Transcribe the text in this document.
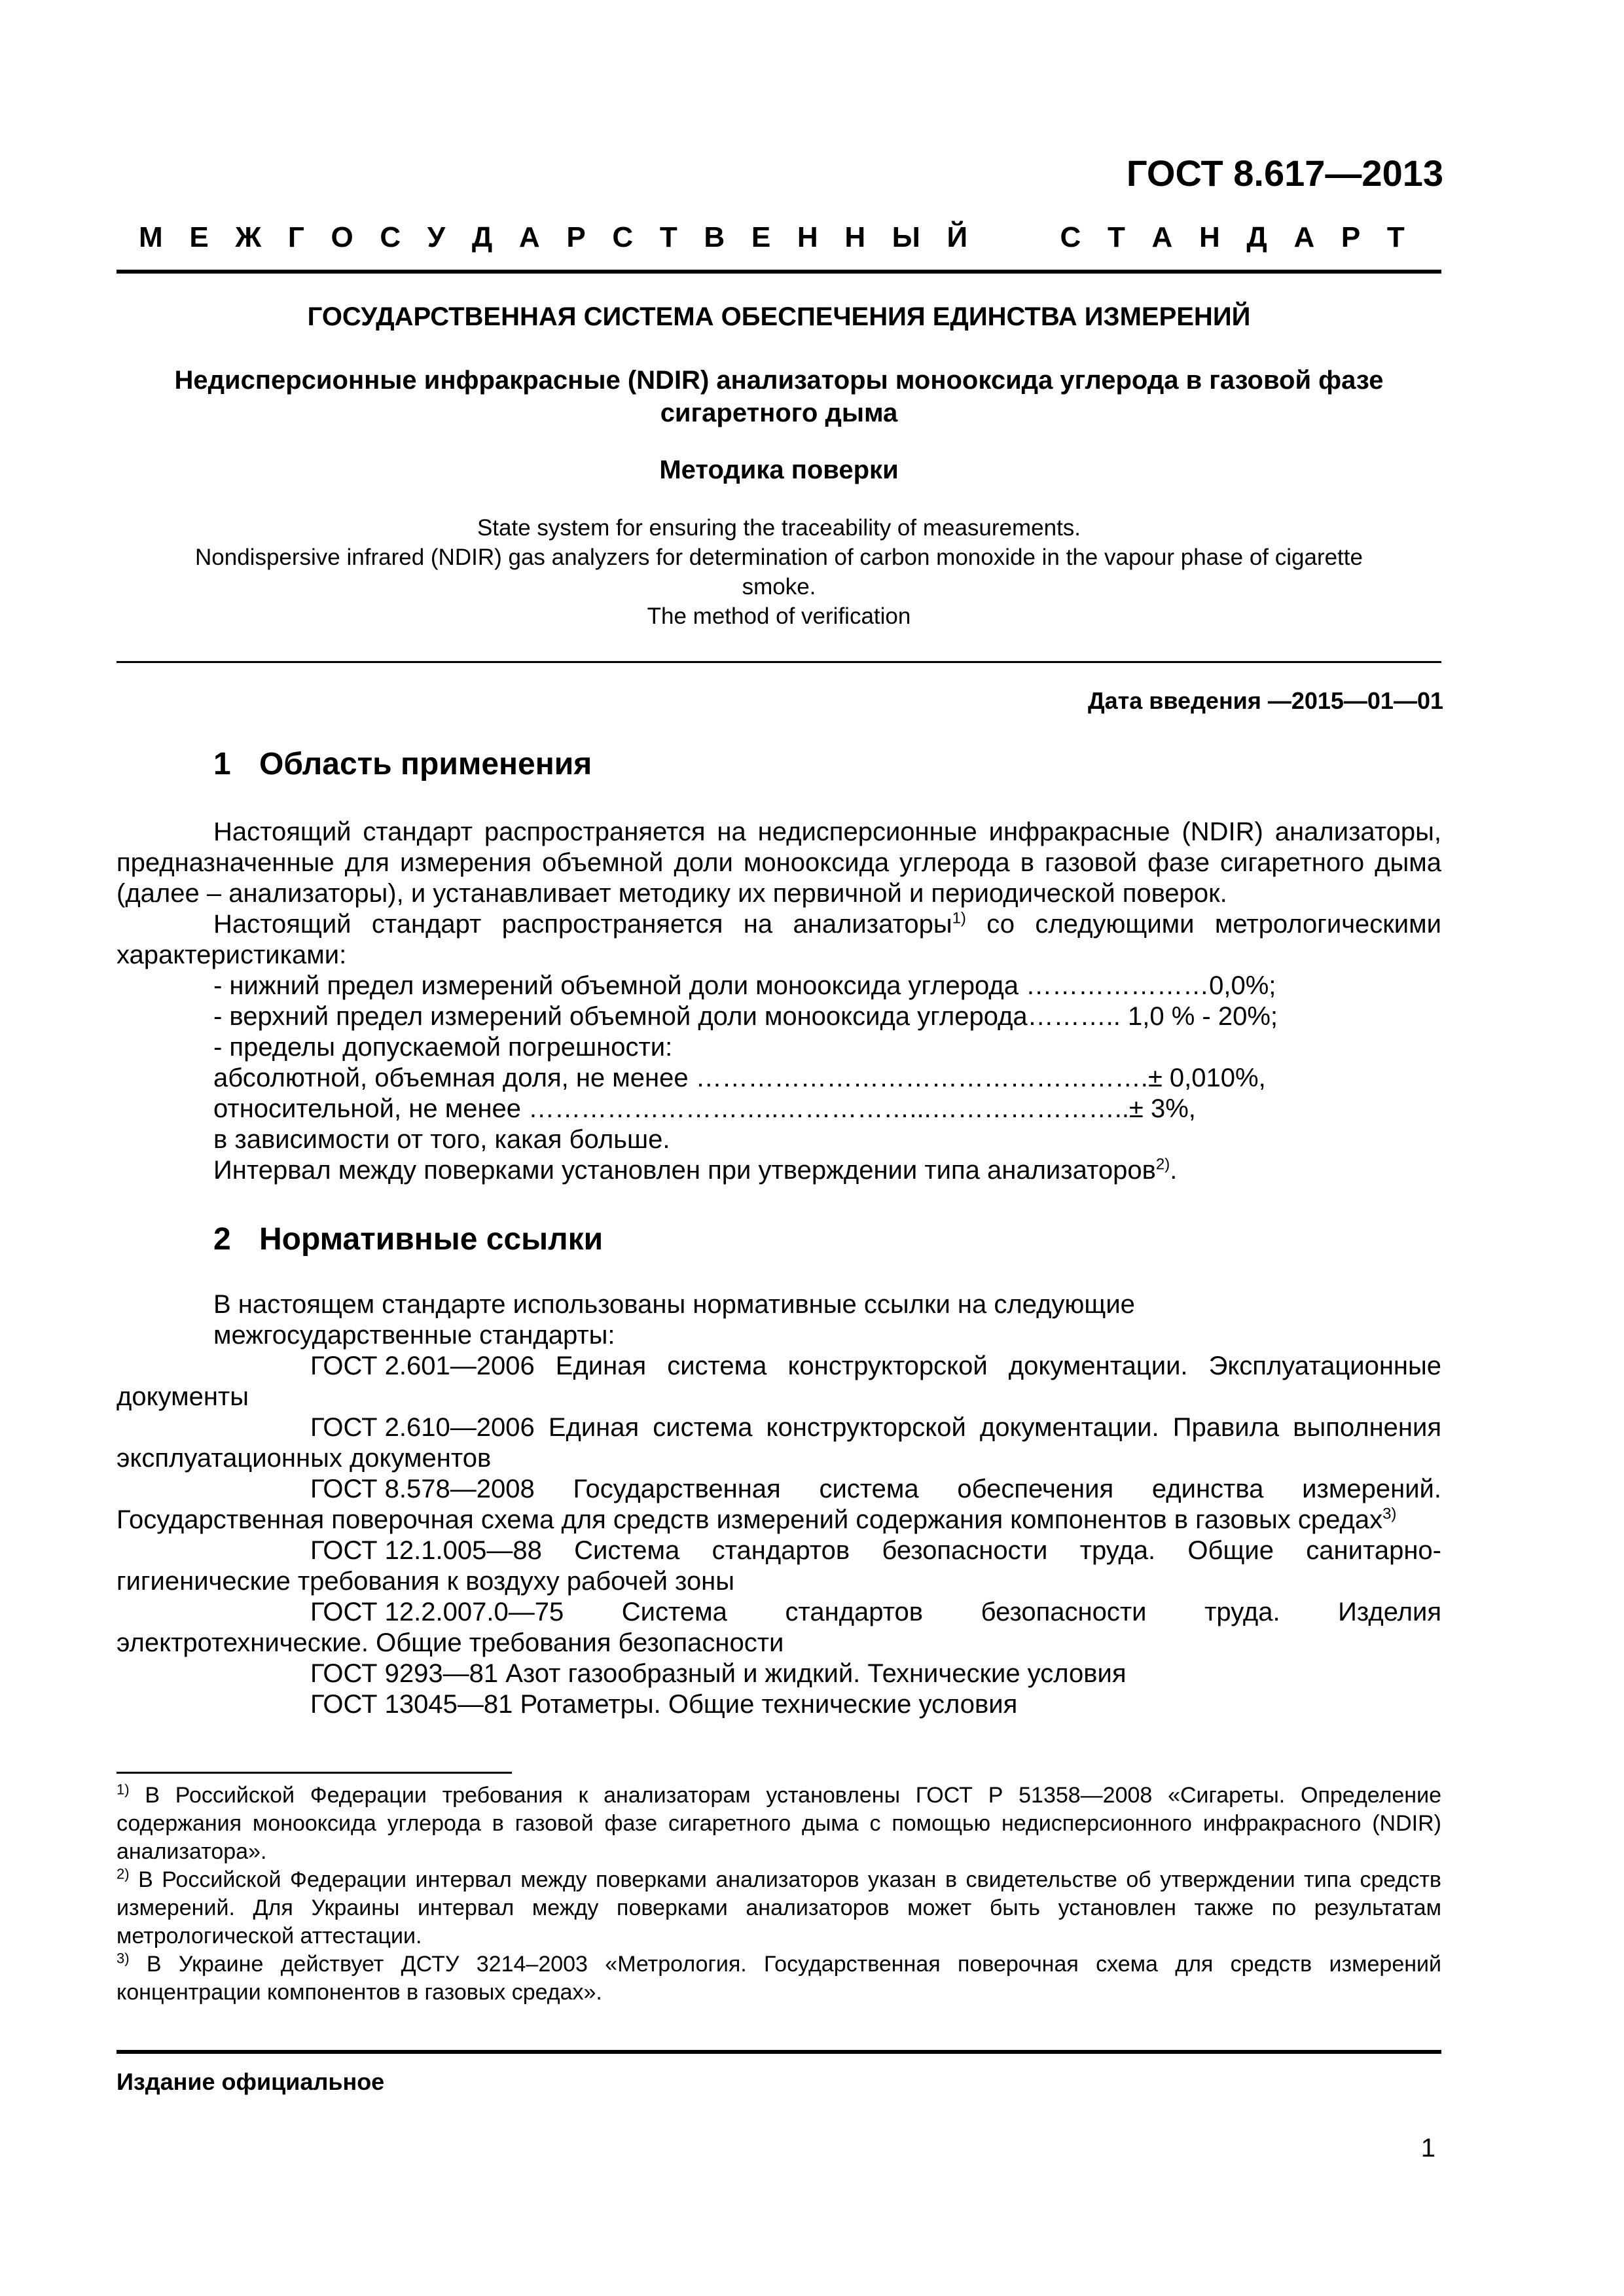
ГОСТ 8.617—2013
М Е Ж Г О С У Д А Р С Т В Е Н Н Ы Й	С Т А Н Д А Р Т
ГОСУДАРСТВЕННАЯ СИСТЕМА ОБЕСПЕЧЕНИЯ ЕДИНСТВА ИЗМЕРЕНИЙ
Недисперсионные инфракрасные (NDIR) анализаторы монооксида углерода в газовой фазе
сигаретного дыма
Методика поверки
State system for ensuring the traceability of measurements.
Nondispersive infrared (NDIR) gas analyzers for determination of carbon monoxide in the vapour phase of cigarette
smoke.
The method of verification
Дата введения —2015—01—01
1 Область применения

Настоящий стандарт распространяется на недисперсионные инфракрасные (NDIR) анализаторы, предназначенные для измерения объемной доли монооксида углерода в газовой фазе сигаретного дыма (далее – анализаторы), и устанавливает методику их первичной и периодической поверок.

Настоящий стандарт распространяется на анализаторы$^{1)}$ со следующими метрологическими характеристиками:

- нижний предел измерений объемной доли монооксида углерода …………………0,0%;

- верхний предел измерений объемной доли монооксида углерода……….. 1,0 % - 20%;

- пределы допускаемой погрешности:

абсолютной, объемная доля, не менее …………………………………………….± 0,010%,

относительной, не менее ………………………..……………...…………………..± 3%,

в зависимости от того, какая больше.

Интервал между поверками установлен при утверждении типа анализаторов$^{2)}$.

2 Нормативные ссылки

В настоящем стандарте использованы нормативные ссылки на следующие

межгосударственные стандарты:

ГОСТ 2.601—2006 Единая система конструкторской документации. Эксплуатационные документы

ГОСТ 2.610—2006 Единая система конструкторской документации. Правила выполнения эксплуатационных документов

ГОСТ 8.578—2008 Государственная система обеспечения единства измерений. Государственная поверочная схема для средств измерений содержания компонентов в газовых средах$^{3)}$

ГОСТ 12.1.005—88 Система стандартов безопасности труда. Общие санитарно-гигиенические требования к воздуху рабочей зоны

ГОСТ 12.2.007.0—75 Система стандартов безопасности труда. Изделия электротехнические. Общие требования безопасности

ГОСТ 9293—81 Азот газообразный и жидкий. Технические условия

ГОСТ 13045—81 Ротаметры. Общие технические условия

$^{1)}$ В Российской Федерации требования к анализаторам установлены ГОСТ Р 51358—2008 «Сигареты. Определение содержания монооксида углерода в газовой фазе сигаретного дыма с помощью недисперсионного инфракрасного (NDIR) анализатора».

$^{2)}$ В Российской Федерации интервал между поверками анализаторов указан в свидетельстве об утверждении типа средств измерений. Для Украины интервал между поверками анализаторов может быть установлен также по результатам метрологической аттестации.

$^{3)}$ В Украине действует ДСТУ 3214–2003 «Метрология. Государственная поверочная схема для средств измерений концентрации компонентов в газовых средах».

Издание официальное
1
